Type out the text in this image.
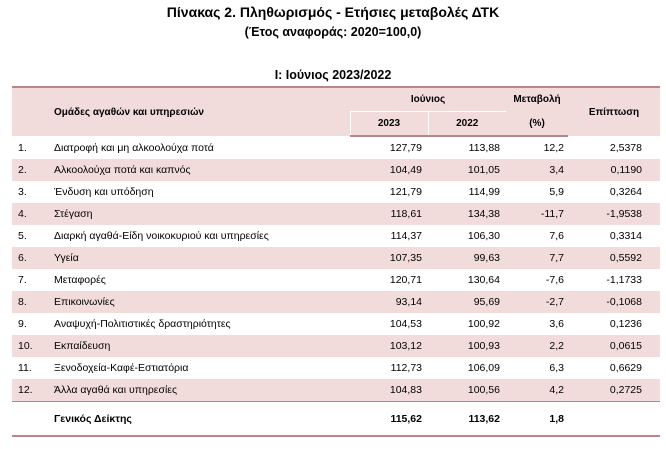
Πίνακας 2. Πληθωρισμός - Ετήσιες μεταβολές ΔΤΚ
(Έτος αναφοράς: 2020=100,0)
Ι: Ιούνιος 2023/2022
Ομάδες αγαθών και υπηρεσιών		Ιούνιος		Μεταβολή	Επίπτωση
		2023	2022	(%)	
1.	Διατροφή και μη αλκοολούχα ποτά	127,79	113,88	12,2	2,5378
2.	Αλκοολούχα ποτά και καπνός	104,49	101,05	3,4	0,1190
3.	Ένδυση και υπόδηση	121,79	114,99	5,9	0,3264
4.	Στέγαση	118,61	134,38	-11,7	-1,9538
5.	Διαρκή αγαθά-Είδη νοικοκυριού και υπηρεσίες	114,37	106,30	7,6	0,3314
6.	Υγεία	107,35	99,63	7,7	0,5592
7.	Μεταφορές	120,71	130,64	-7,6	-1,1733
8.	Επικοινωνίες	93,14	95,69	-2,7	-0,1068
9.	Αναψυχή-Πολιτιστικές δραστηριότητες	104,53	100,92	3,6	0,1236
10.	Εκπαίδευση	103,12	100,93	2,2	0,0615
11.	Ξενοδοχεία-Καφέ-Εστιατόρια	112,73	106,09	6,3	0,6629
12.	Άλλα αγαθά και υπηρεσίες	104,83	100,56	4,2	0,2725
	Γενικός Δείκτης	115,62	113,62	1,8	
